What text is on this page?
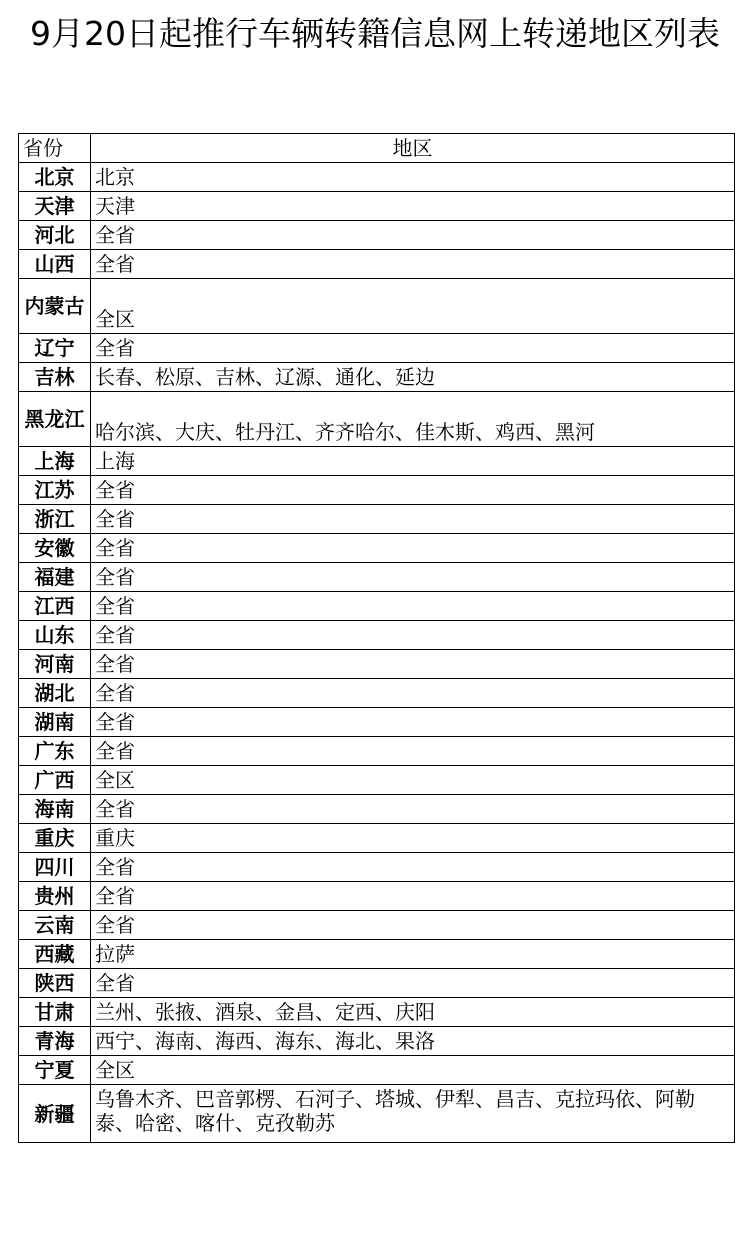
9月20日起推行车辆转籍信息网上转递地区列表
省份	地区
北京	北京
天津	天津
河北	全省
山西	全省
内蒙古	全区
辽宁	全省
吉林	长春、松原、吉林、辽源、通化、延边
黑龙江	哈尔滨、大庆、牡丹江、齐齐哈尔、佳木斯、鸡西、黑河
上海	上海
江苏	全省
浙江	全省
安徽	全省
福建	全省
江西	全省
山东	全省
河南	全省
湖北	全省
湖南	全省
广东	全省
广西	全区
海南	全省
重庆	重庆
四川	全省
贵州	全省
云南	全省
西藏	拉萨
陕西	全省
甘肃	兰州、张掖、酒泉、金昌、定西、庆阳
青海	西宁、海南、海西、海东、海北、果洛
宁夏	全区
新疆	乌鲁木齐、巴音郭楞、石河子、塔城、伊犁、昌吉、克拉玛依、阿勒泰、哈密、喀什、克孜勒苏
